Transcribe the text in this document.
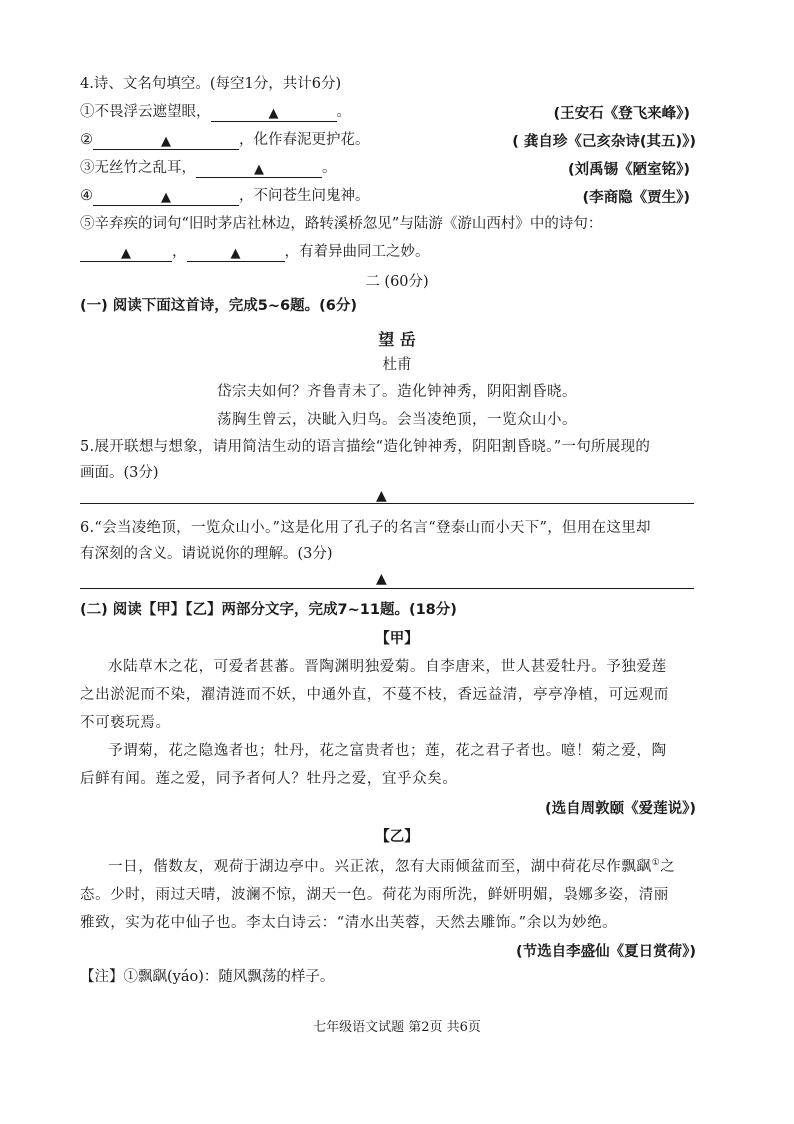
4.诗、文名句填空。(每空1分，共计6分)
①不畏浮云遮望眼，	▲	。	(王安石《登飞来峰》)
②	▲	，化作春泥更护花。	( 龚自珍《己亥杂诗(其五)》)
③无丝竹之乱耳，	▲	。	(刘禹锡《陋室铭》)
④	▲	，不问苍生问鬼神。	(李商隐《贾生》)
⑤辛弃疾的词句“旧时茅店社林边，路转溪桥忽见”与陆游《游山西村》中的诗句：
▲	，	▲	，有着异曲同工之妙。
二 (60分)
(一) 阅读下面这首诗，完成5~6题。(6分)
望 岳
杜甫
岱宗夫如何？齐鲁青未了。造化钟神秀，阴阳割昏晓。
荡胸生曾云，决眦入归鸟。会当凌绝顶，一览众山小。
5.展开联想与想象，请用简洁生动的语言描绘“造化钟神秀，阴阳割昏晓。”一句所展现的
画面。(3分)
▲
6.“会当凌绝顶，一览众山小。”这是化用了孔子的名言“登泰山而小天下”，但用在这里却
有深刻的含义。请说说你的理解。(3分)
▲
(二) 阅读【甲】【乙】两部分文字，完成7~11题。(18分)
【甲】
水陆草木之花，可爱者甚蕃。晋陶渊明独爱菊。自李唐来，世人甚爱牡丹。予独爱莲
之出淤泥而不染，濯清涟而不妖，中通外直，不蔓不枝，香远益清，亭亭净植，可远观而
不可亵玩焉。
予谓菊，花之隐逸者也；牡丹，花之富贵者也；莲，花之君子者也。噫！菊之爱，陶
后鲜有闻。莲之爱，同予者何人？牡丹之爱，宜乎众矣。
(选自周敦颐《爱莲说》)
【乙】
一日，偕数友，观荷于湖边亭中。兴正浓，忽有大雨倾盆而至，湖中荷花尽作飘飖①之
态。少时，雨过天晴，波澜不惊，湖天一色。荷花为雨所洗，鲜妍明媚，袅娜多姿，清丽
雅致，实为花中仙子也。李太白诗云：“清水出芙蓉，天然去雕饰。”余以为妙绝。
(节选自李盛仙《夏日赏荷》)
【注】①飘飖(yáo)：随风飘荡的样子。
七年级语文试题 第2页 共6页
